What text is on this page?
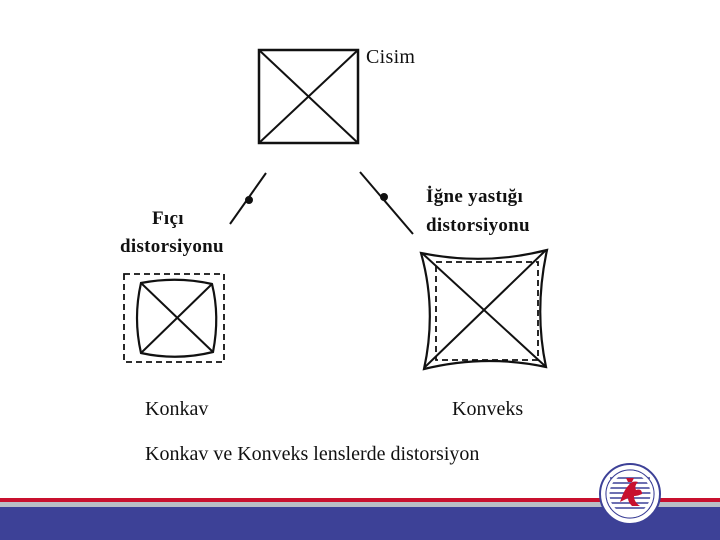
Cisim

Fıçı

distorsiyonu

İğne yastığı

distorsiyonu

Konkav	Konveks

Konkav ve Konveks lenslerde distorsiyon
